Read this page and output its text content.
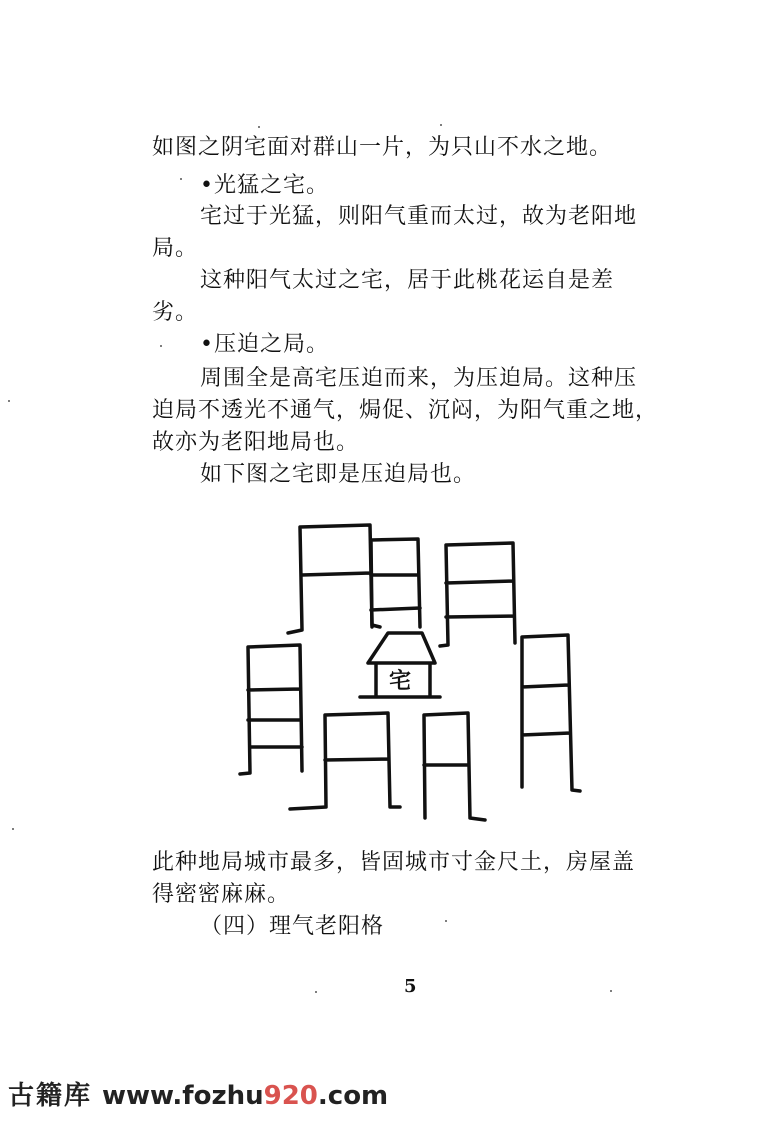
如图之阴宅面对群山一片，为只山不水之地。
•光猛之宅。
宅过于光猛，则阳气重而太过，故为老阳地
局。
这种阳气太过之宅，居于此桃花运自是差
劣。
•压迫之局。
周围全是高宅压迫而来，为压迫局。这种压
迫局不透光不通气，焗促、沉闷，为阳气重之地，
故亦为老阳地局也。
如下图之宅即是压迫局也。
宅
此种地局城市最多，皆固城市寸金尺土，房屋盖
得密密麻麻。
（四）理气老阳格
5
古籍库 www.fozhu920.com
